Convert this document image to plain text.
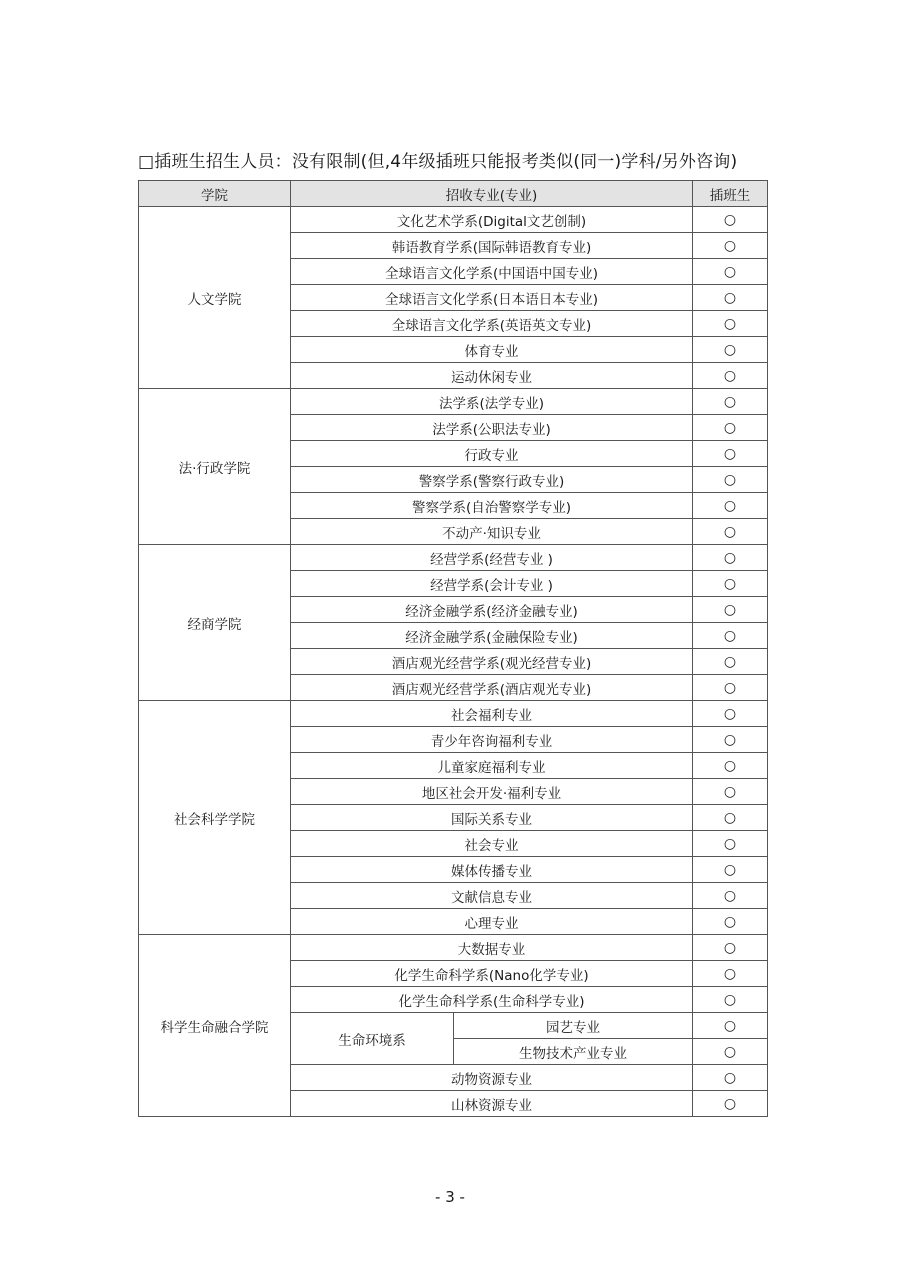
□插班生招生人员：没有限制(但,4年级插班只能报考类似(同一)学科/另外咨询)
学院	招收专业(专业)		插班生
人文学院	文化艺术学系(Digital文艺创制)		○
	韩语教育学系(国际韩语教育专业)		○
	全球语言文化学系(中国语中国专业)		○
	全球语言文化学系(日本语日本专业)		○
	全球语言文化学系(英语英文专业)		○
	体育专业		○
	运动休闲专业		○
法·行政学院	法学系(法学专业)		○
	法学系(公职法专业)		○
	行政专业		○
	警察学系(警察行政专业)		○
	警察学系(自治警察学专业)		○
	不动产·知识专业		○
经商学院	经营学系(经营专业 )		○
	经营学系(会计专业 )		○
	经济金融学系(经济金融专业)		○
	经济金融学系(金融保险专业)		○
	酒店观光经营学系(观光经营专业)		○
	酒店观光经营学系(酒店观光专业)		○
社会科学学院	社会福利专业		○
	青少年咨询福利专业		○
	儿童家庭福利专业		○
	地区社会开发·福利专业		○
	国际关系专业		○
	社会专业		○
	媒体传播专业		○
	文献信息专业		○
	心理专业		○
科学生命融合学院	大数据专业		○
	化学生命科学系(Nano化学专业)		○
	化学生命科学系(生命科学专业)		○
	生命环境系	园艺专业	○
		生物技术产业专业	○
	动物资源专业		○
	山林资源专业		○
- 3 -
